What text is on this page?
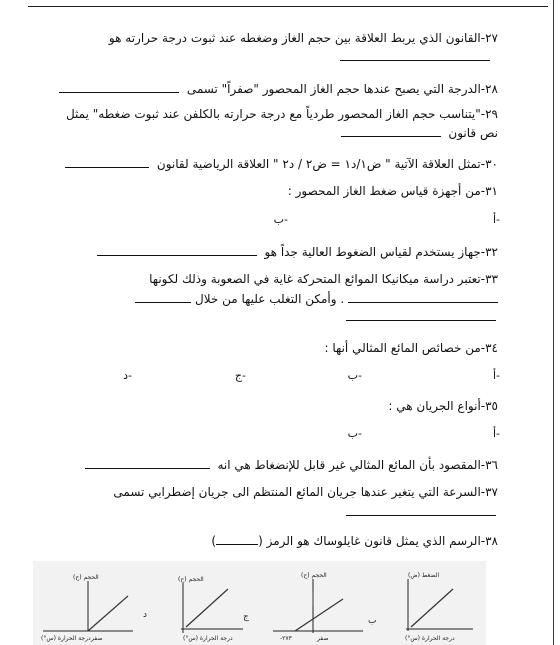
٢٧-القانون الذي يربط العلاقة بين حجم الغاز وضغطه عند ثبوت درجة حرارته هو
٢٨-الدرجة التي يصبح عندها حجم الغاز المحصور "صفراً" تسمى
٢٩-"يتناسب حجم الغاز المحصور طردياً مع درجة حرارته بالكلفن عند ثبوت ضغطه" يمثل
نص قانون
٣٠-تمثل العلاقة الآتية " ض١/د١ = ض٢ / د٢ " العلاقة الرياضية لقانون
٣١-من أجهزة قياس ضغط الغاز المحصور :
أ-
ب-
٣٢-جهاز يستخدم لقياس الضغوط العالية جداً هو
٣٣-تعتبر دراسة ميكانيكا الموائع المتحركة غاية في الصعوبة وذلك لكونها
. وأمكن التغلب عليها من خلال
٣٤-من خصائص المائع المثالي أنها :
أ-
ب-
ج-
د-
٣٥-أنواع الجريان هي :
أ-
ب-
٣٦-المقصود بأن المائع المثالي غير قابل للإنضغاط هي انه
٣٧-السرعة التي يتغير عندها جريان المائع المنتظم الى جريان إضطرابي تسمى
٣٨-الرسم الذي يمثل قانون غايلوساك هو الرمز ()
الحجم (ح)
صفر
درجة الحرارة (س°)
د
الحجم (ح)
درجة الحرارة (س°)
ج
الحجم (ح)
-٢٧٣	صفر
ب
الضغط (ض)
درجة الحرارة (س°)
